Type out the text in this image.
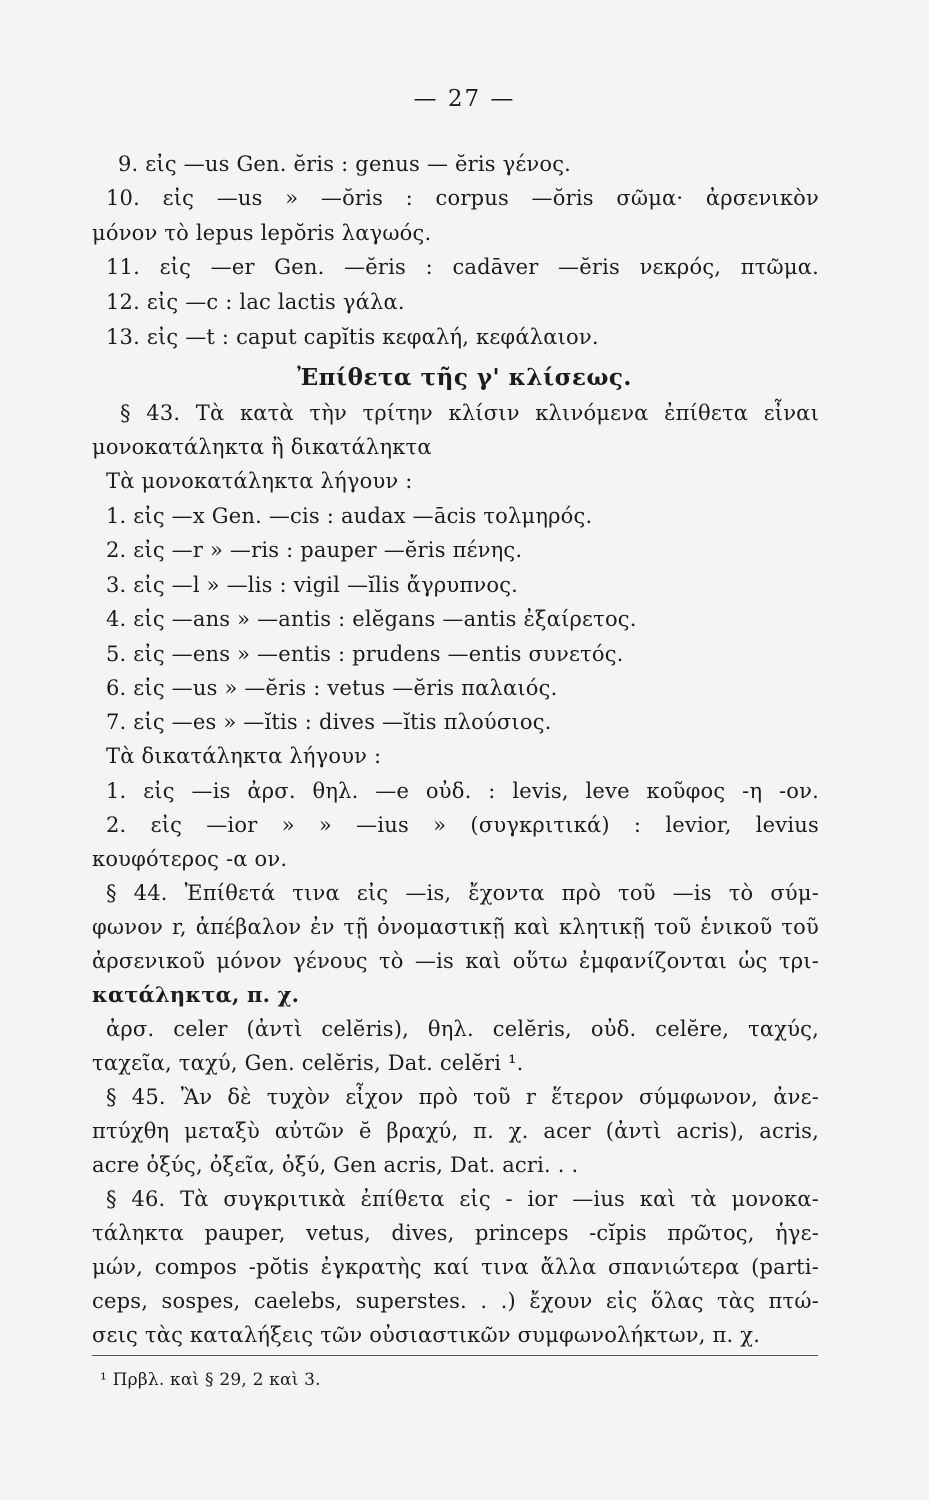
— 27 —
9. εἰς —us Gen. ĕris : genus — ĕris γένος.
10. εἰς —us » —ŏris : corpus —ŏris σῶμα· ἀρσενικὸν
μόνον τὸ lepus lepŏris λαγωός.
11. εἰς —er Gen. —ĕris : cadāver —ĕris νεκρός, πτῶμα.
12. εἰς —c : lac lactis γάλα.
13. εἰς —t : caput capĭtis κεφαλή, κεφάλαιον.
Ἐπίθετα τῆς γ' κλίσεως.
§ 43. Τὰ κατὰ τὴν τρίτην κλίσιν κλινόμενα ἐπίθετα εἶναι
μονοκατάληκτα ἢ δικατάληκτα
Τὰ μονοκατάληκτα λήγουν :
1. εἰς —x Gen. —cis : audax —ācis τολμηρός.
2. εἰς —r » —ris : pauper —ĕris πένης.
3. εἰς —l » —lis : vigil —ĭlis ἄγρυπνος.
4. εἰς —ans » —antis : elĕgans —antis ἐξαίρετος.
5. εἰς —ens » —entis : prudens —entis συνετός.
6. εἰς —us » —ĕris : vetus —ĕris παλαιός.
7. εἰς —es » —ĭtis : dives —ĭtis πλούσιος.
Τὰ δικατάληκτα λήγουν :
1. εἰς —is ἀρσ. θηλ. —e οὐδ. : levis, leve κοῦφος -η -ον.
2. εἰς —ior » » —ius » (συγκριτικά) : levior, levius
κουφότερος -α ον.
§ 44. Ἐπίθετά τινα εἰς —is, ἔχοντα πρὸ τοῦ —is τὸ σύμ-
φωνον r, ἀπέβαλον ἐν τῇ ὀνομαστικῇ καὶ κλητικῇ τοῦ ἑνικοῦ τοῦ
ἀρσενικοῦ μόνον γένους τὸ —is καὶ οὕτω ἐμφανίζονται ὡς τρι-
κατάληκτα, π. χ.
ἀρσ. celer (ἀντὶ celĕris), θηλ. celĕris, οὐδ. celĕre, ταχύς,
ταχεῖα, ταχύ, Gen. celĕris, Dat. celĕri ¹.
§ 45. Ἂν δὲ τυχὸν εἶχον πρὸ τοῦ r ἕτερον σύμφωνον, ἀνε-
πτύχθη μεταξὺ αὐτῶν ĕ βραχύ, π. χ. acer (ἀντὶ acris), acris,
acre ὀξύς, ὀξεῖα, ὀξύ, Gen acris, Dat. acri. . .
§ 46. Τὰ συγκριτικὰ ἐπίθετα εἰς - ior —ius καὶ τὰ μονοκα-
τάληκτα pauper, vetus, dives, princeps -cĭpis πρῶτος, ἡγε-
μών, compos -pŏtis ἐγκρατὴς καί τινα ἄλλα σπανιώτερα (parti-
ceps, sospes, caelebs, superstes. . .) ἔχουν εἰς ὅλας τὰς πτώ-
σεις τὰς καταλήξεις τῶν οὐσιαστικῶν συμφωνολήκτων, π. χ.
¹ Πρβλ. καὶ § 29, 2 καὶ 3.
